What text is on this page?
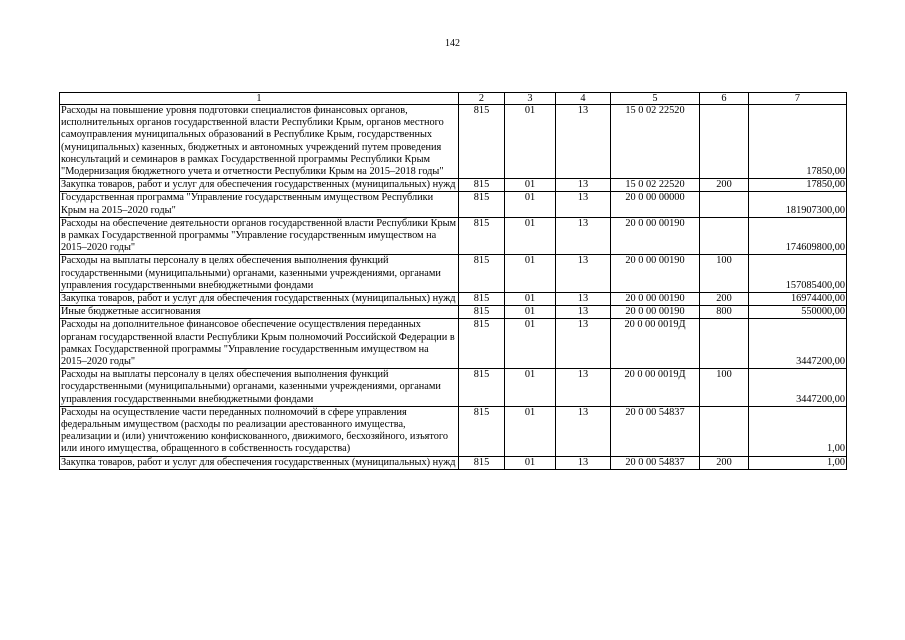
142
1	2	3	4	5	6	7
Расходы на повышение уровня подготовки специалистов финансовых органов, исполнительных органов государственной власти Республики Крым, органов местного самоуправления муниципальных образований в Республике Крым, государственных (муниципальных) казенных, бюджетных и автономных учреждений путем проведения консультаций и семинаров в рамках Государственной программы Республики Крым "Модернизация бюджетного учета и отчетности Республики Крым на 2015–2018 годы"	815	01	13	15 0 02 22520		17850,00
Закупка товаров, работ и услуг для обеспечения государственных (муниципальных) нужд	815	01	13	15 0 02 22520	200	17850,00
Государственная программа "Управление государственным имуществом Республики Крым на 2015–2020 годы"	815	01	13	20 0 00 00000		181907300,00
Расходы на обеспечение деятельности органов государственной власти Республики Крым в рамках Государственной программы "Управление государственным имуществом на 2015–2020 годы"	815	01	13	20 0 00 00190		174609800,00
Расходы на выплаты персоналу в целях обеспечения выполнения функций государственными (муниципальными) органами, казенными учреждениями, органами управления государственными внебюджетными фондами	815	01	13	20 0 00 00190	100	157085400,00
Закупка товаров, работ и услуг для обеспечения государственных (муниципальных) нужд	815	01	13	20 0 00 00190	200	16974400,00
Иные бюджетные ассигнования	815	01	13	20 0 00 00190	800	550000,00
Расходы на дополнительное финансовое обеспечение осуществления переданных органам государственной власти Республики Крым полномочий Российской Федерации в рамках Государственной программы "Управление государственным имуществом на 2015–2020 годы"	815	01	13	20 0 00 0019Д		3447200,00
Расходы на выплаты персоналу в целях обеспечения выполнения функций государственными (муниципальными) органами, казенными учреждениями, органами управления государственными внебюджетными фондами	815	01	13	20 0 00 0019Д	100	3447200,00
Расходы на осуществление части переданных полномочий в сфере управления федеральным имуществом (расходы по реализации арестованного имущества, реализации и (или) уничтожению конфискованного, движимого, бесхозяйного, изъятого или иного имущества, обращенного в собственность государства)	815	01	13	20 0 00 54837		1,00
Закупка товаров, работ и услуг для обеспечения государственных (муниципальных) нужд	815	01	13	20 0 00 54837	200	1,00
